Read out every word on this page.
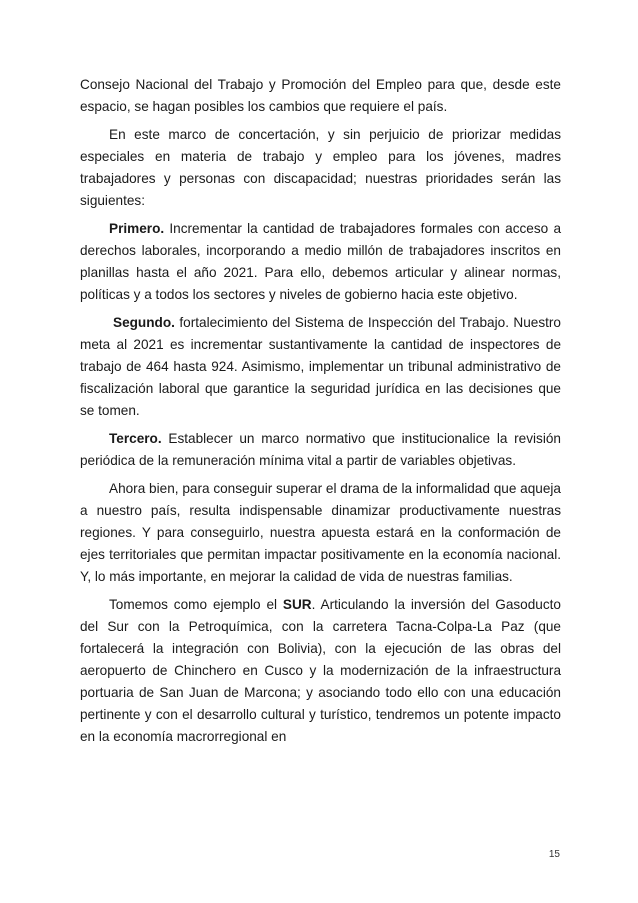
Consejo Nacional del Trabajo y Promoción del Empleo para que, desde este espacio, se hagan posibles los cambios que requiere el país.

En este marco de concertación, y sin perjuicio de priorizar medidas especiales en materia de trabajo y empleo para los jóvenes, madres trabajadores y personas con discapacidad; nuestras prioridades serán las siguientes:

Primero. Incrementar la cantidad de trabajadores formales con acceso a derechos laborales, incorporando a medio millón de trabajadores inscritos en planillas hasta el año 2021. Para ello, debemos articular y alinear normas, políticas y a todos los sectores y niveles de gobierno hacia este objetivo.

Segundo. fortalecimiento del Sistema de Inspección del Trabajo. Nuestro meta al 2021 es incrementar sustantivamente la cantidad de inspectores de trabajo de 464 hasta 924. Asimismo, implementar un tribunal administrativo de fiscalización laboral que garantice la seguridad jurídica en las decisiones que se tomen.

Tercero. Establecer un marco normativo que institucionalice la revisión periódica de la remuneración mínima vital a partir de variables objetivas.

Ahora bien, para conseguir superar el drama de la informalidad que aqueja a nuestro país, resulta indispensable dinamizar productivamente nuestras regiones. Y para conseguirlo, nuestra apuesta estará en la conformación de ejes territoriales que permitan impactar positivamente en la economía nacional. Y, lo más importante, en mejorar la calidad de vida de nuestras familias.

Tomemos como ejemplo el SUR. Articulando la inversión del Gasoducto del Sur con la Petroquímica, con la carretera Tacna-Colpa-La Paz (que fortalecerá la integración con Bolivia), con la ejecución de las obras del aeropuerto de Chinchero en Cusco y la modernización de la infraestructura portuaria de San Juan de Marcona; y asociando todo ello con una educación pertinente y con el desarrollo cultural y turístico, tendremos un potente impacto en la economía macrorregional en

15
